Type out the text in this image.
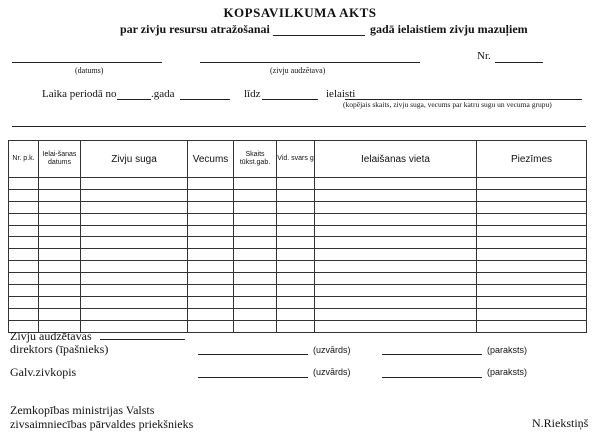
KOPSAVILKUMA AKTS
par zivju resursu atražošanai	gadā ielaistiem zivju mazuļiem
(datums)	(zivju audzētava)
Nr.
Laika periodā no	.gada	līdz	ielaisti
(kopējais skaits, zivju suga, vecums par katru sugu un vecuma grupu)
Nr. p.k.	Ielai-šanas datums	Zivju suga	Vecums	Skaits tūkst.gab.	Vid. svars g	Ielaišanas vieta	Piezīmes

Zivju audzētavas
direktors (īpašnieks)	(uzvārds)	(paraksts)
Galv.zivkopis	(uzvārds)	(paraksts)
Zemkopības ministrijas Valsts
zivsaimniecības pārvaldes priekšnieks	N.Riekstiņš
